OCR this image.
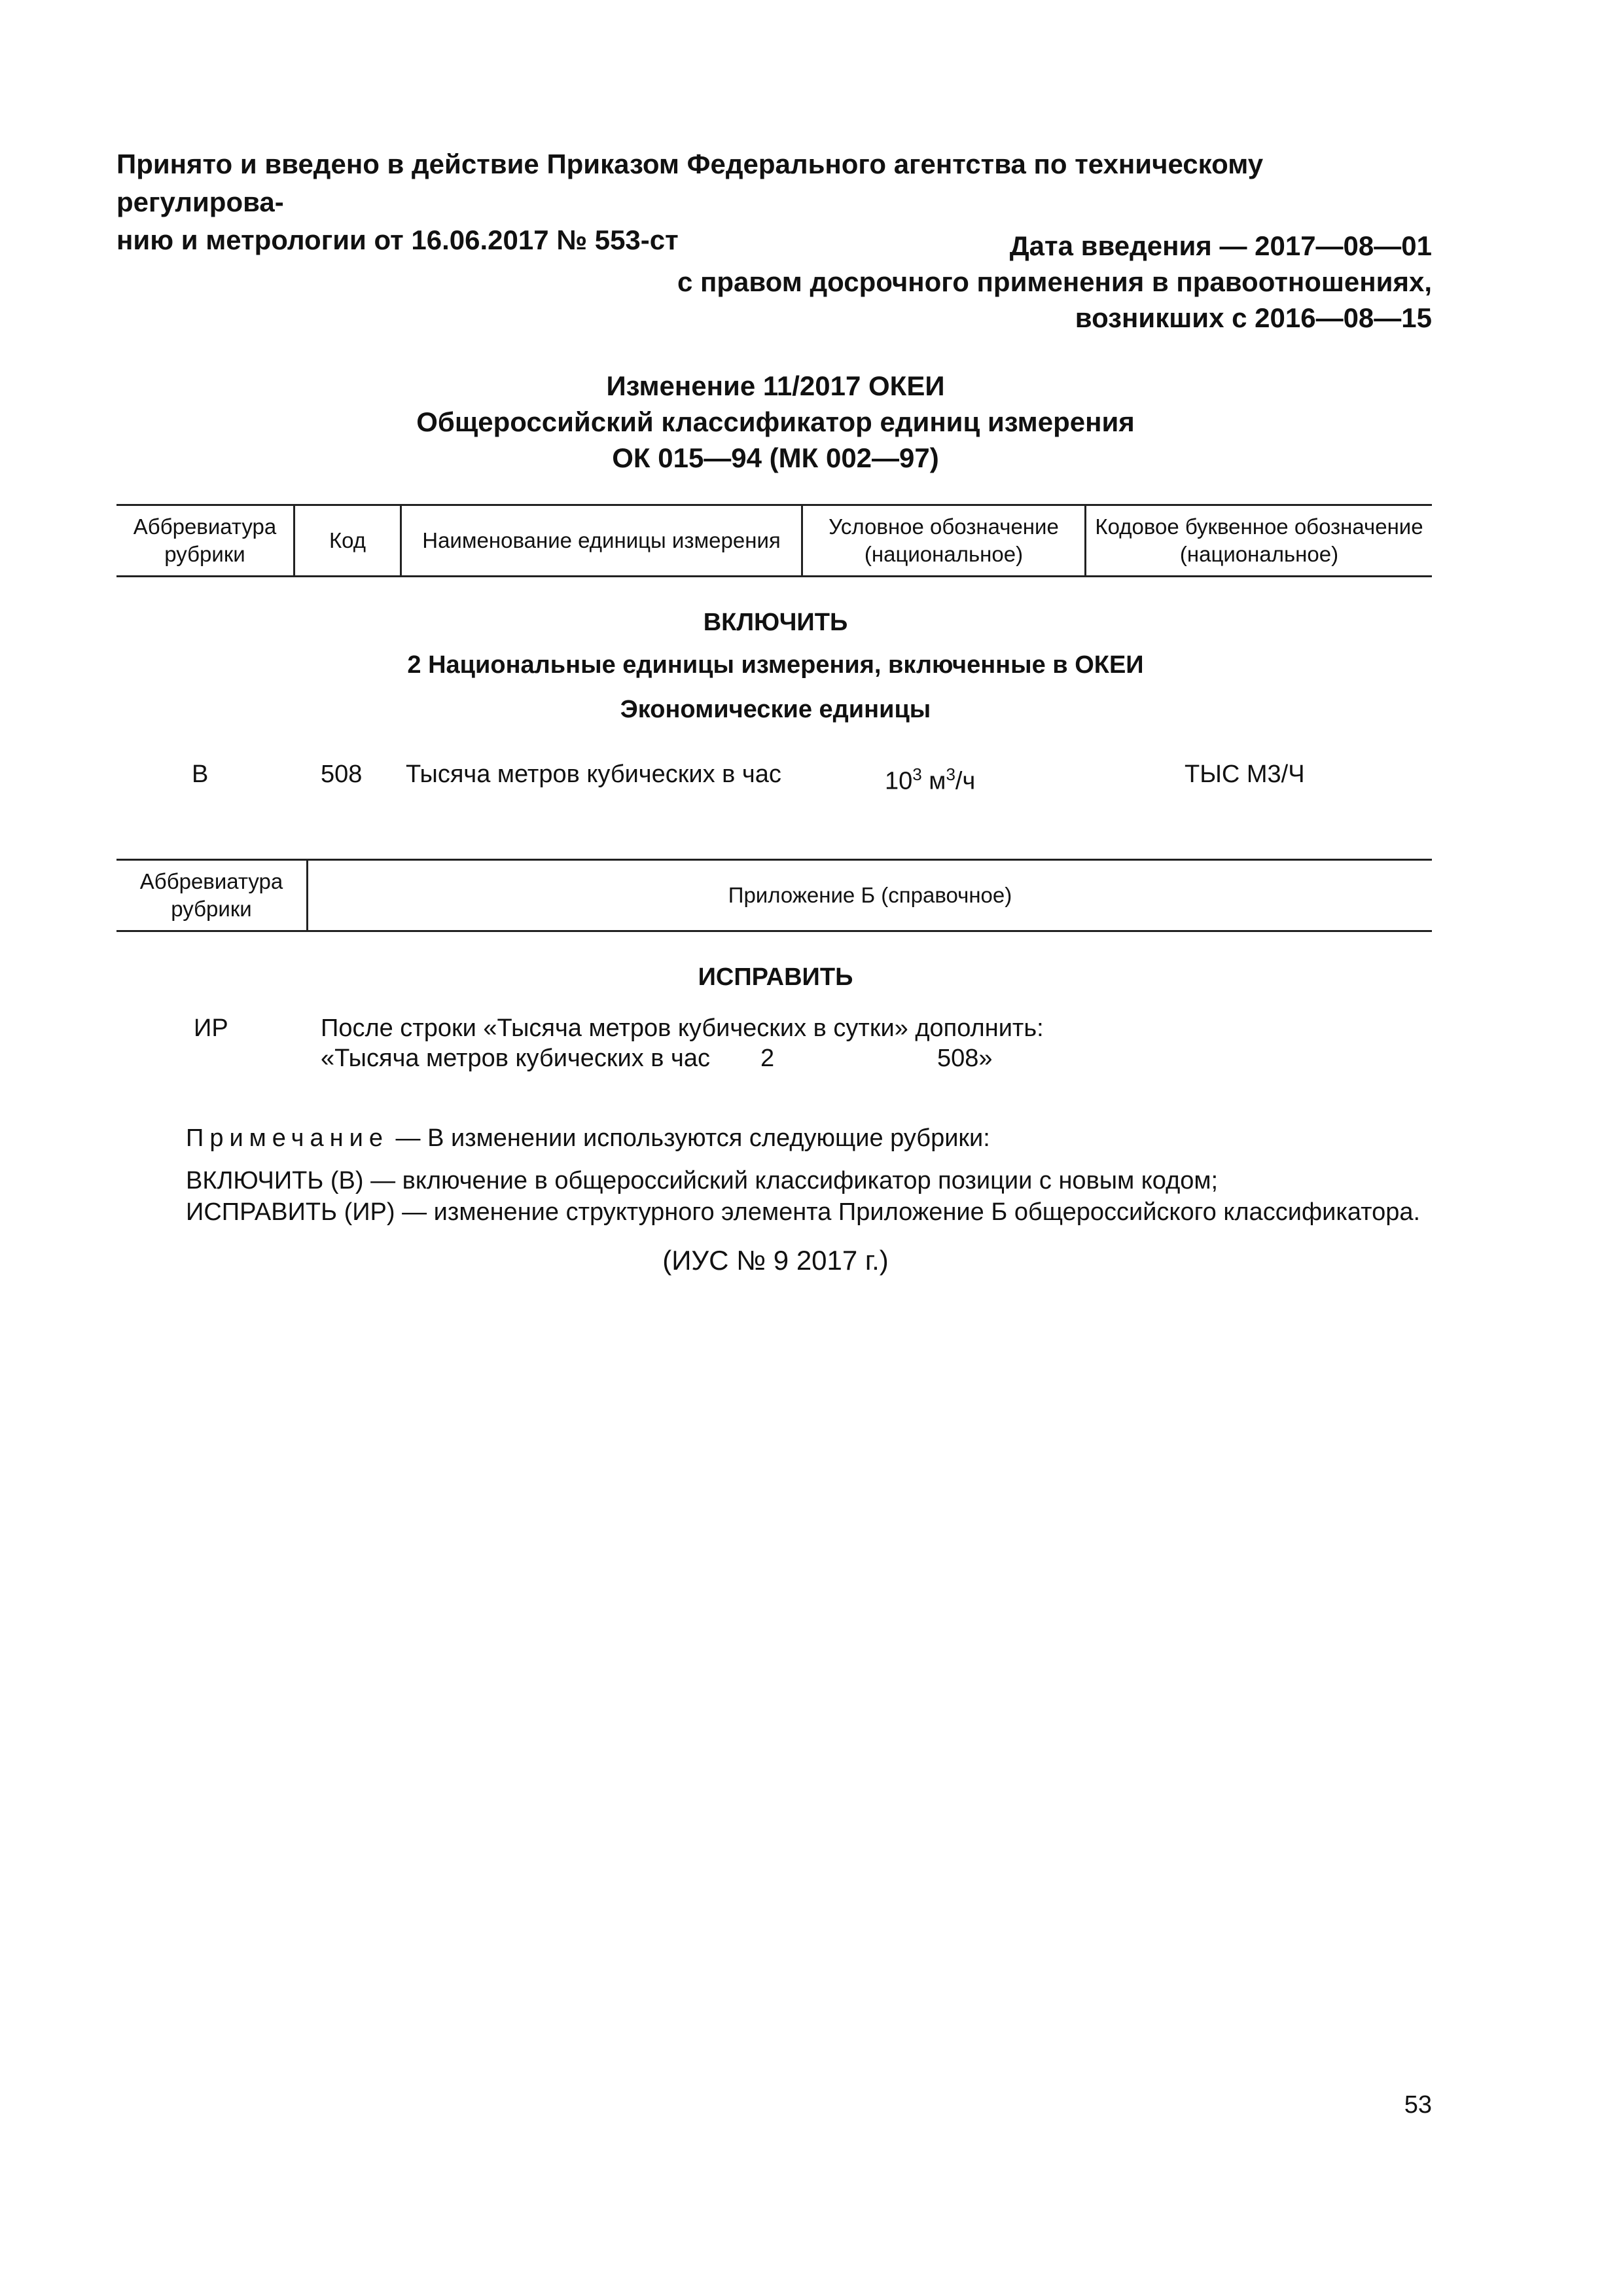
Принято и введено в действие Приказом Федерального агентства по техническому регулирова-
нию и метрологии от 16.06.2017 № 553-ст	Дата введения — 2017—08—01
с правом досрочного применения в правоотношениях,
возникших с 2016—08—15
Изменение 11/2017 ОКЕИ
Общероссийский классификатор единиц измерения
ОК 015—94 (МК 002—97)
Аббревиатура рубрики	Код	Наименование единицы измерения	Условное обозначение (национальное)	Кодовое буквенное обозначение (национальное)
ВКЛЮЧИТЬ
2 Национальные единицы измерения, включенные в ОКЕИ
Экономические единицы
В	508 Тысяча метров кубических в час	$10^3$ $м^3/ч$	ТЫС М3/Ч
Аббревиатура рубрики	Приложение Б (справочное)
ИСПРАВИТЬ
ИР	После строки «Тысяча метров кубических в сутки» дополнить:
«Тысяча метров кубических в час 2	508»
Примечание — В изменении используются следующие рубрики:
ВКЛЮЧИТЬ (В) — включение в общероссийский классификатор позиции с новым кодом;
ИСПРАВИТЬ (ИР) — изменение структурного элемента Приложение Б общероссийского классификатора.
(ИУС № 9 2017 г.)
53
